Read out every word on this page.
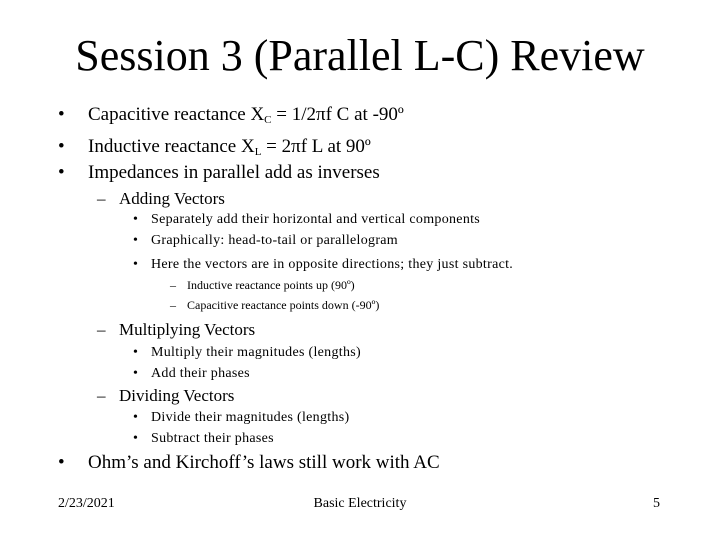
Session 3 (Parallel L-C) Review
• Capacitive reactance $X_C = 1/2\pi f$ C at -90º
• Inductive reactance $X_L = 2\pi f$ L at 90º
• Impedances in parallel add as inverses
– Adding Vectors
• Separately add their horizontal and vertical components
• Graphically: head-to-tail or parallelogram
• Here the vectors are in opposite directions; they just subtract.
– Inductive reactance points up (90º)
– Capacitive reactance points down (-90º)
– Multiplying Vectors
• Multiply their magnitudes (lengths)
• Add their phases
– Dividing Vectors
• Divide their magnitudes (lengths)
• Subtract their phases
• Ohm’s and Kirchoff’s laws still work with AC
2/23/2021	Basic Electricity	5
